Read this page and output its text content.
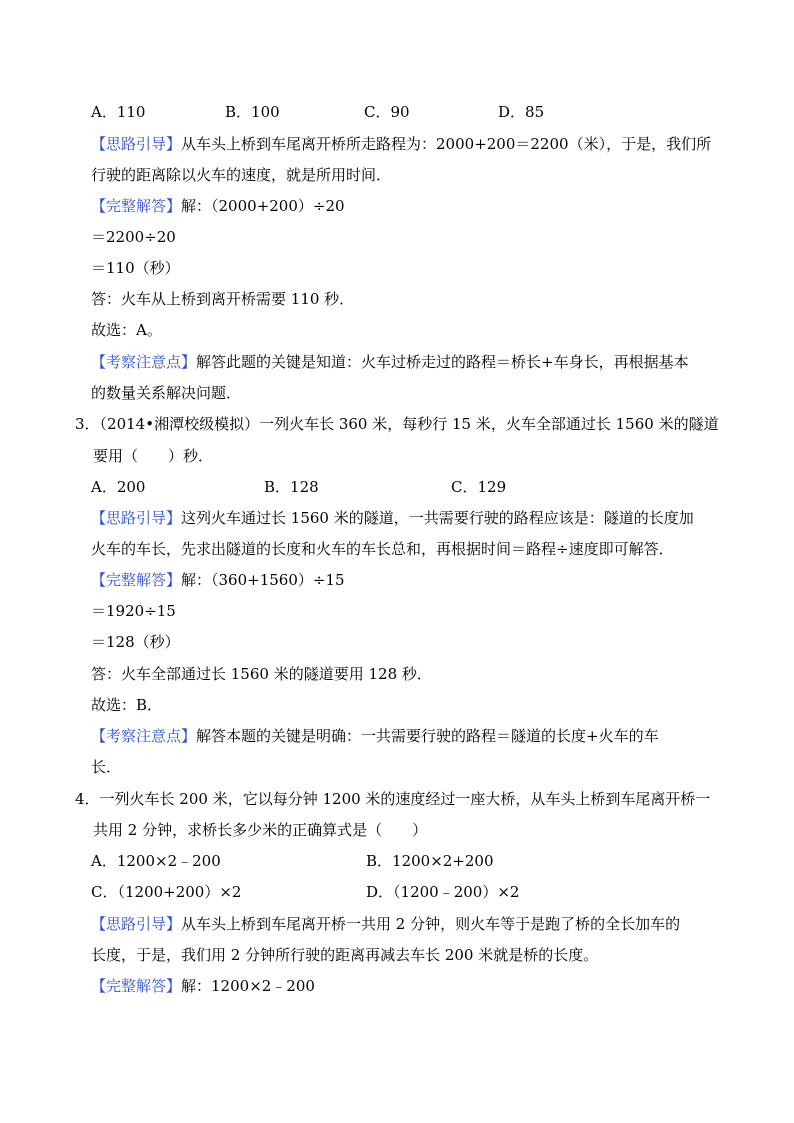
A．110	B．100	C．90	D．85
【思路引导】从车头上桥到车尾离开桥所走路程为：2000+200＝2200（米），于是，我们所
行驶的距离除以火车的速度，就是所用时间．
【完整解答】解：（2000+200）÷20
＝2200÷20
＝110（秒）
答：火车从上桥到离开桥需要 110 秒．
故选：A。
【考察注意点】解答此题的关键是知道：火车过桥走过的路程＝桥长+车身长，再根据基本
的数量关系解决问题．
3．（2014•湘潭校级模拟）一列火车长 360 米，每秒行 15 米，火车全部通过长 1560 米的隧道
要用（　　）秒．
A．200	B．128	C．129
【思路引导】这列火车通过长 1560 米的隧道，一共需要行驶的路程应该是：隧道的长度加
火车的车长，先求出隧道的长度和火车的车长总和，再根据时间＝路程÷速度即可解答．
【完整解答】解：（360+1560）÷15
＝1920÷15
＝128（秒）
答：火车全部通过长 1560 米的隧道要用 128 秒．
故选：B．
【考察注意点】解答本题的关键是明确：一共需要行驶的路程＝隧道的长度+火车的车
长．
4．一列火车长 200 米，它以每分钟 1200 米的速度经过一座大桥，从车头上桥到车尾离开桥一
共用 2 分钟，求桥长多少米的正确算式是（　　）
A．1200×2﹣200	B．1200×2+200
C．（1200+200）×2	D．（1200﹣200）×2
【思路引导】从车头上桥到车尾离开桥一共用 2 分钟，则火车等于是跑了桥的全长加车的
长度，于是，我们用 2 分钟所行驶的距离再减去车长 200 米就是桥的长度。
【完整解答】解：1200×2﹣200
